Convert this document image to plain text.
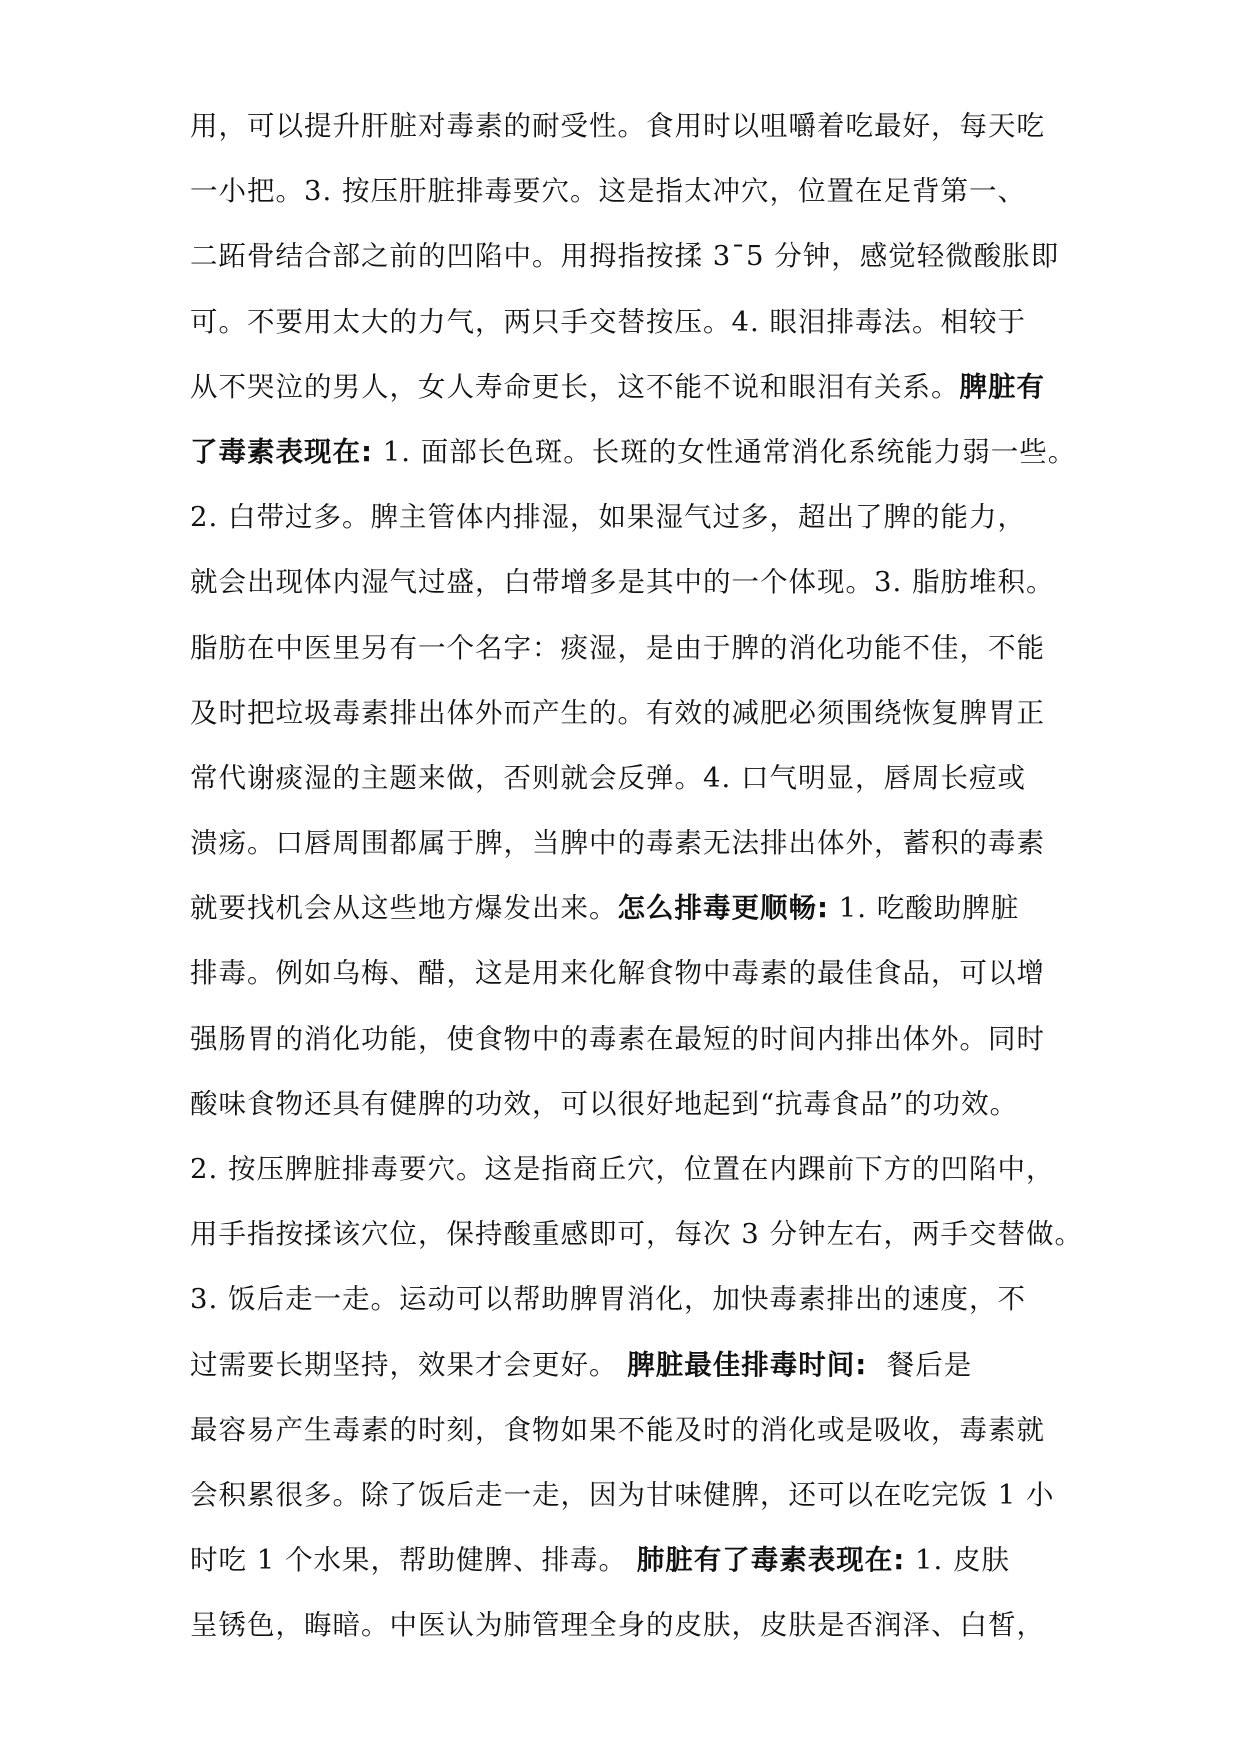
用，可以提升肝脏对毒素的耐受性。食用时以咀嚼着吃最好，每天吃
一小把。3. 按压肝脏排毒要穴。这是指太冲穴，位置在足背第一、
二跖骨结合部之前的凹陷中。用拇指按揉 3¯5 分钟，感觉轻微酸胀即
可。不要用太大的力气，两只手交替按压。4. 眼泪排毒法。相较于
从不哭泣的男人，女人寿命更长，这不能不说和眼泪有关系。脾脏有
了毒素表现在: 1. 面部长色斑。长斑的女性通常消化系统能力弱一些。
2. 白带过多。脾主管体内排湿，如果湿气过多，超出了脾的能力，
就会出现体内湿气过盛，白带增多是其中的一个体现。3. 脂肪堆积。
脂肪在中医里另有一个名字：痰湿，是由于脾的消化功能不佳，不能
及时把垃圾毒素排出体外而产生的。有效的减肥必须围绕恢复脾胃正
常代谢痰湿的主题来做，否则就会反弹。4. 口气明显，唇周长痘或
溃疡。口唇周围都属于脾，当脾中的毒素无法排出体外，蓄积的毒素
就要找机会从这些地方爆发出来。怎么排毒更顺畅: 1. 吃酸助脾脏
排毒。例如乌梅、醋，这是用来化解食物中毒素的最佳食品，可以增
强肠胃的消化功能，使食物中的毒素在最短的时间内排出体外。同时
酸味食物还具有健脾的功效，可以很好地起到“抗毒食品”的功效。
2. 按压脾脏排毒要穴。这是指商丘穴，位置在内踝前下方的凹陷中，
用手指按揉该穴位，保持酸重感即可，每次 3 分钟左右，两手交替做。
3. 饭后走一走。运动可以帮助脾胃消化，加快毒素排出的速度，不
过需要长期坚持，效果才会更好。 脾脏最佳排毒时间:  餐后是
最容易产生毒素的时刻，食物如果不能及时的消化或是吸收，毒素就
会积累很多。除了饭后走一走，因为甘味健脾，还可以在吃完饭 1 小
时吃 1 个水果，帮助健脾、排毒。 肺脏有了毒素表现在: 1. 皮肤
呈锈色，晦暗。中医认为肺管理全身的皮肤，皮肤是否润泽、白皙，
